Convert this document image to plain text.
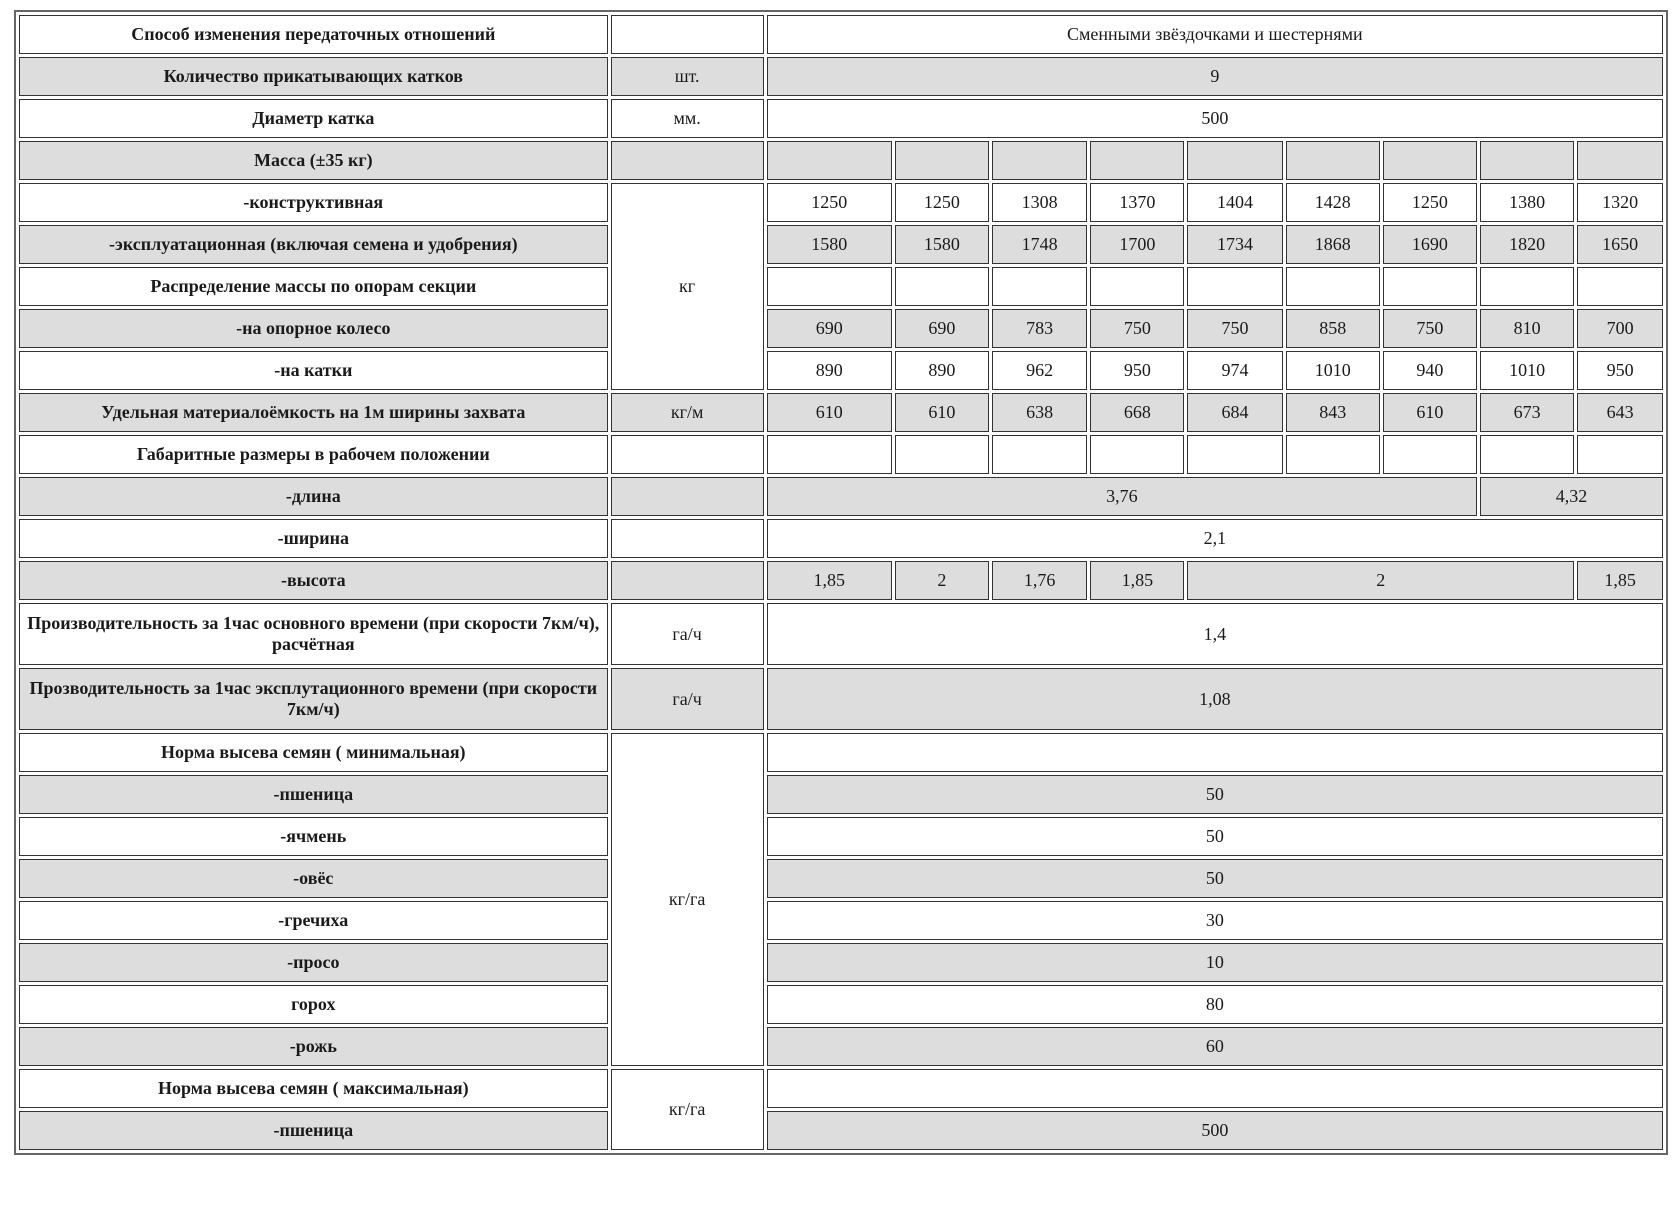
Способ изменения передаточных отношений		Сменными звёздочками и шестернями								
Количество прикатывающих катков	шт.	9								
Диаметр катка	мм.	500								
Масса (±35 кг)										
-конструктивная	кг	1250	1250	1308	1370	1404	1428	1250	1380	1320
-эксплуатационная (включая семена и удобрения)		1580	1580	1748	1700	1734	1868	1690	1820	1650
Распределение массы по опорам секции										
-на опорное колесо		690	690	783	750	750	858	750	810	700
-на катки		890	890	962	950	974	1010	940	1010	950
Удельная материалоёмкость на 1м ширины захвата	кг/м	610	610	638	668	684	843	610	673	643
Габаритные размеры в рабочем положении										
-длина		3,76							4,32	
-ширина		2,1								
-высота		1,85	2	1,76	1,85	2				1,85
Производительность за 1час основного времени (при скорости 7км/ч), расчётная	га/ч	1,4								
Прозводительность за 1час эксплутационного времени (при скорости 7км/ч)	га/ч	1,08								
Норма высева семян ( минимальная)	кг/га									
-пшеница		50								
-ячмень		50								
-овёс		50								
-гречиха		30								
-просо		10								
горох		80								
-рожь		60								
Норма высева семян ( максимальная)	кг/га									
-пшеница		500								
